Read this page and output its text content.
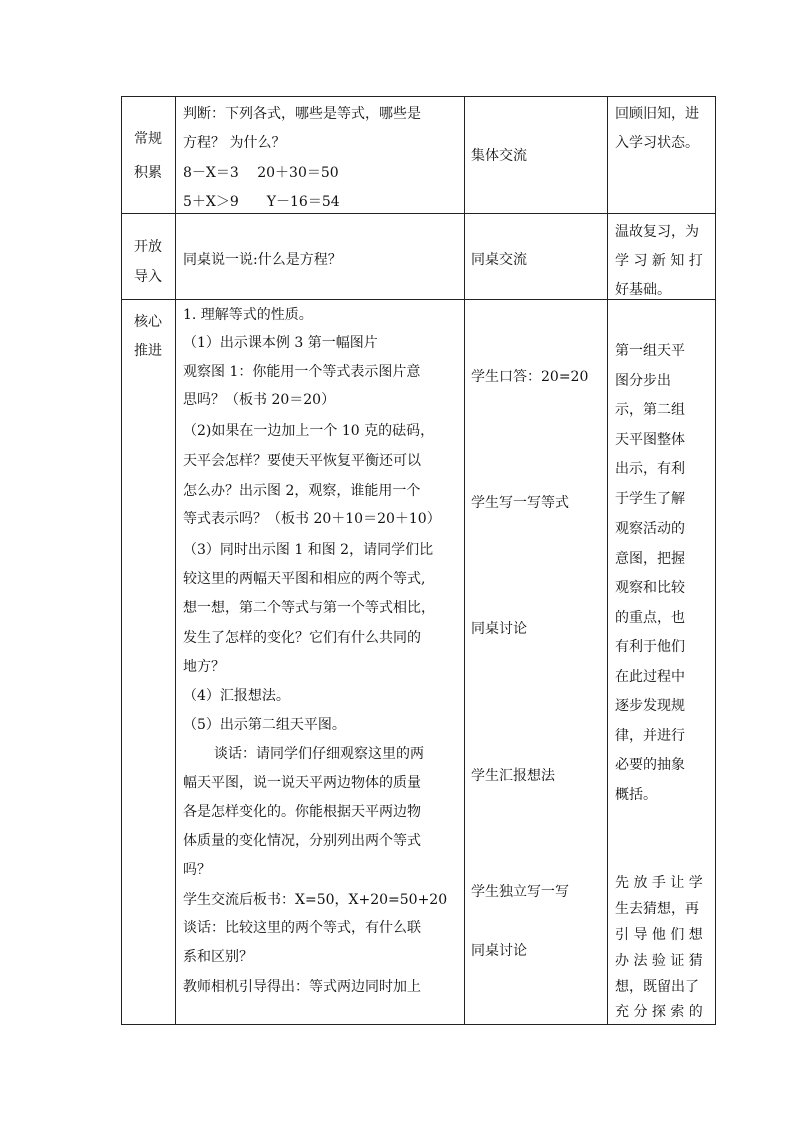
常规
积累
判断：下列各式，哪些是等式，哪些是
方程？ 为什么？
8－X＝3　 20＋30＝50
5＋X＞9　　Y－16＝54
集体交流
回顾旧知，进
入学习状态。
开放
导入
同桌说一说:什么是方程？	同桌交流
温故复习，为
学 习 新 知 打
好基础。
核心
推进
1. 理解等式的性质。
（1）出示课本例 3 第一幅图片
观察图 1：你能用一个等式表示图片意
思吗？（板书 20＝20）
（2)如果在一边加上一个 10 克的砝码，
天平会怎样？要使天平恢复平衡还可以
怎么办？出示图 2，观察，谁能用一个
等式表示吗？（板书 20＋10＝20＋10）
（3）同时出示图 1 和图 2，请同学们比
较这里的两幅天平图和相应的两个等式,
想一想，第二个等式与第一个等式相比，
发生了怎样的变化？它们有什么共同的
地方？
（4）汇报想法。
（5）出示第二组天平图。
谈话：请同学们仔细观察这里的两
幅天平图，说一说天平两边物体的质量
各是怎样变化的。你能根据天平两边物
体质量的变化情况，分别列出两个等式
吗？
学生交流后板书：X=50，X+20=50+20
谈话：比较这里的两个等式，有什么联
系和区别？
教师相机引导得出：等式两边同时加上
学生口答：20=20
学生写一写等式
同桌讨论
学生汇报想法
学生独立写一写
同桌讨论
第一组天平
图分步出
示，第二组
天平图整体
出示，有利
于学生了解
观察活动的
意图，把握
观察和比较
的重点，也
有利于他们
在此过程中
逐步发现规
律，并进行
必要的抽象
概括。
先 放 手 让 学
生去猜想，再
引 导 他 们 想
办 法 验 证 猜
想，既留出了
充 分 探 索 的
